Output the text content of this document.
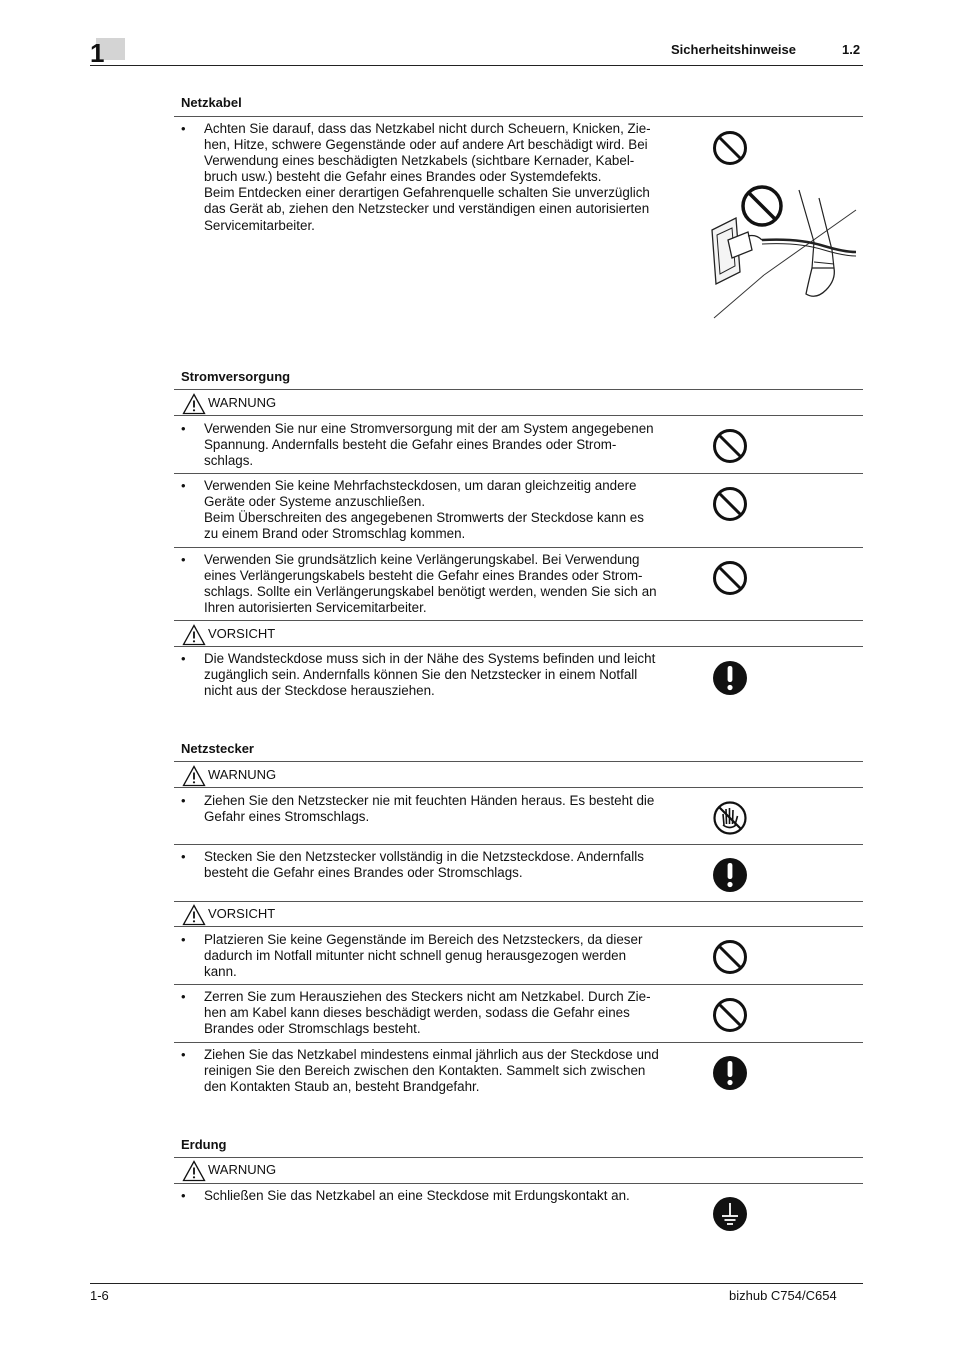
1	Sicherheitshinweise	1.2
Netzkabel
• Achten Sie darauf, dass das Netzkabel nicht durch Scheuern, Knicken, Zie-
hen, Hitze, schwere Gegenstände oder auf andere Art beschädigt wird. Bei
Verwendung eines beschädigten Netzkabels (sichtbare Kernader, Kabel-
bruch usw.) besteht die Gefahr eines Brandes oder Systemdefekts.
Beim Entdecken einer derartigen Gefahrenquelle schalten Sie unverzüglich
das Gerät ab, ziehen den Netzstecker und verständigen einen autorisierten
Servicemitarbeiter.
Stromversorgung
WARNUNG
• Verwenden Sie nur eine Stromversorgung mit der am System angegebenen
Spannung. Andernfalls besteht die Gefahr eines Brandes oder Strom-
schlags.
• Verwenden Sie keine Mehrfachsteckdosen, um daran gleichzeitig andere
Geräte oder Systeme anzuschließen.
Beim Überschreiten des angegebenen Stromwerts der Steckdose kann es
zu einem Brand oder Stromschlag kommen.
• Verwenden Sie grundsätzlich keine Verlängerungskabel. Bei Verwendung
eines Verlängerungskabels besteht die Gefahr eines Brandes oder Strom-
schlags. Sollte ein Verlängerungskabel benötigt werden, wenden Sie sich an
Ihren autorisierten Servicemitarbeiter.
VORSICHT
• Die Wandsteckdose muss sich in der Nähe des Systems befinden und leicht
zugänglich sein. Andernfalls können Sie den Netzstecker in einem Notfall
nicht aus der Steckdose herausziehen.
Netzstecker
WARNUNG
• Ziehen Sie den Netzstecker nie mit feuchten Händen heraus. Es besteht die
Gefahr eines Stromschlags.
• Stecken Sie den Netzstecker vollständig in die Netzsteckdose. Andernfalls
besteht die Gefahr eines Brandes oder Stromschlags.
VORSICHT
• Platzieren Sie keine Gegenstände im Bereich des Netzsteckers, da dieser
dadurch im Notfall mitunter nicht schnell genug herausgezogen werden
kann.
• Zerren Sie zum Herausziehen des Steckers nicht am Netzkabel. Durch Zie-
hen am Kabel kann dieses beschädigt werden, sodass die Gefahr eines
Brandes oder Stromschlags besteht.
• Ziehen Sie das Netzkabel mindestens einmal jährlich aus der Steckdose und
reinigen Sie den Bereich zwischen den Kontakten. Sammelt sich zwischen
den Kontakten Staub an, besteht Brandgefahr.
Erdung
WARNUNG
• Schließen Sie das Netzkabel an eine Steckdose mit Erdungskontakt an.
1-6	bizhub C754/C654
